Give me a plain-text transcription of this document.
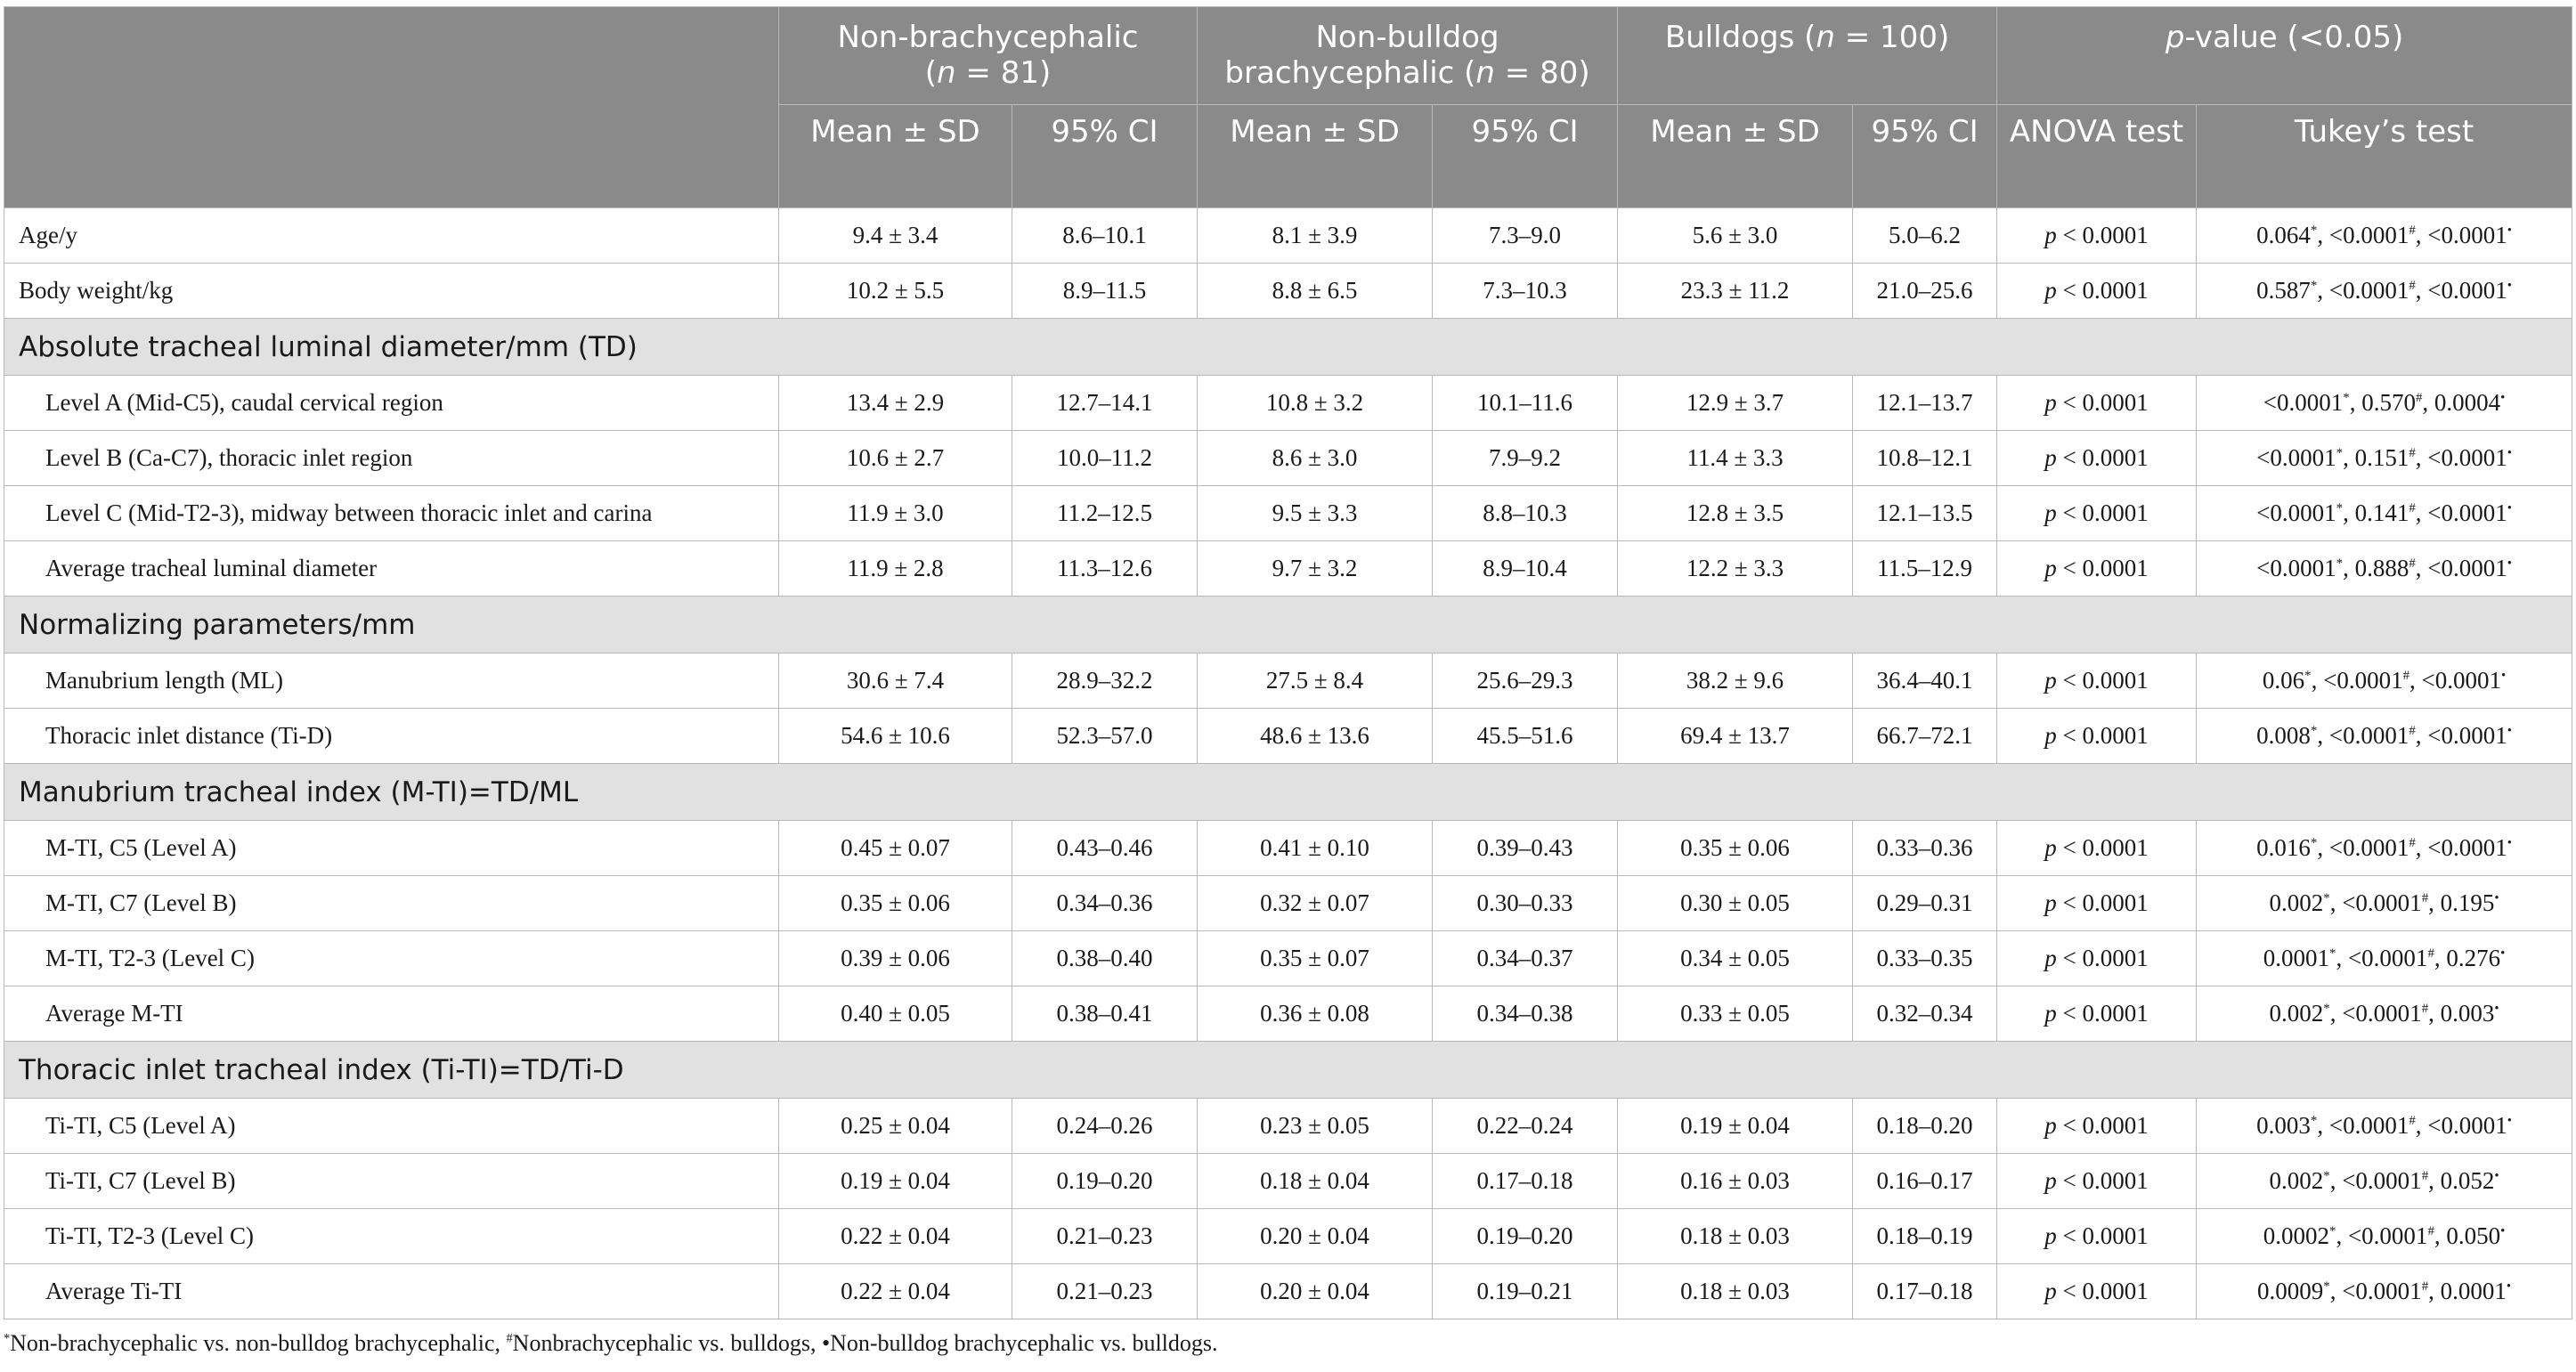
	Non-brachycephalic
(n = 81)		Non-bulldog
brachycephalic (n = 80)		Bulldogs (n = 100)		p-value (<0.05)	
	Mean ± SD	95% CI	Mean ± SD	95% CI	Mean ± SD	95% CI	ANOVA test	Tukey’s test
Age/y	9.4 ± 3.4	8.6–10.1	8.1 ± 3.9	7.3–9.0	5.6 ± 3.0	5.0–6.2	p < 0.0001	0.064*, <0.0001#, <0.0001•
Body weight/kg	10.2 ± 5.5	8.9–11.5	8.8 ± 6.5	7.3–10.3	23.3 ± 11.2	21.0–25.6	p < 0.0001	0.587*, <0.0001#, <0.0001•
Absolute tracheal luminal diameter/mm (TD)								
Level A (Mid-C5), caudal cervical region	13.4 ± 2.9	12.7–14.1	10.8 ± 3.2	10.1–11.6	12.9 ± 3.7	12.1–13.7	p < 0.0001	<0.0001*, 0.570#, 0.0004•
Level B (Ca-C7), thoracic inlet region	10.6 ± 2.7	10.0–11.2	8.6 ± 3.0	7.9–9.2	11.4 ± 3.3	10.8–12.1	p < 0.0001	<0.0001*, 0.151#, <0.0001•
Level C (Mid-T2-3), midway between thoracic inlet and carina	11.9 ± 3.0	11.2–12.5	9.5 ± 3.3	8.8–10.3	12.8 ± 3.5	12.1–13.5	p < 0.0001	<0.0001*, 0.141#, <0.0001•
Average tracheal luminal diameter	11.9 ± 2.8	11.3–12.6	9.7 ± 3.2	8.9–10.4	12.2 ± 3.3	11.5–12.9	p < 0.0001	<0.0001*, 0.888#, <0.0001•
Normalizing parameters/mm								
Manubrium length (ML)	30.6 ± 7.4	28.9–32.2	27.5 ± 8.4	25.6–29.3	38.2 ± 9.6	36.4–40.1	p < 0.0001	0.06*, <0.0001#, <0.0001•
Thoracic inlet distance (Ti-D)	54.6 ± 10.6	52.3–57.0	48.6 ± 13.6	45.5–51.6	69.4 ± 13.7	66.7–72.1	p < 0.0001	0.008*, <0.0001#, <0.0001•
Manubrium tracheal index (M-TI)=TD/ML								
M-TI, C5 (Level A)	0.45 ± 0.07	0.43–0.46	0.41 ± 0.10	0.39–0.43	0.35 ± 0.06	0.33–0.36	p < 0.0001	0.016*, <0.0001#, <0.0001•
M-TI, C7 (Level B)	0.35 ± 0.06	0.34–0.36	0.32 ± 0.07	0.30–0.33	0.30 ± 0.05	0.29–0.31	p < 0.0001	0.002*, <0.0001#, 0.195•
M-TI, T2-3 (Level C)	0.39 ± 0.06	0.38–0.40	0.35 ± 0.07	0.34–0.37	0.34 ± 0.05	0.33–0.35	p < 0.0001	0.0001*, <0.0001#, 0.276•
Average M-TI	0.40 ± 0.05	0.38–0.41	0.36 ± 0.08	0.34–0.38	0.33 ± 0.05	0.32–0.34	p < 0.0001	0.002*, <0.0001#, 0.003•
Thoracic inlet tracheal index (Ti-TI)=TD/Ti-D								
Ti-TI, C5 (Level A)	0.25 ± 0.04	0.24–0.26	0.23 ± 0.05	0.22–0.24	0.19 ± 0.04	0.18–0.20	p < 0.0001	0.003*, <0.0001#, <0.0001•
Ti-TI, C7 (Level B)	0.19 ± 0.04	0.19–0.20	0.18 ± 0.04	0.17–0.18	0.16 ± 0.03	0.16–0.17	p < 0.0001	0.002*, <0.0001#, 0.052•
Ti-TI, T2-3 (Level C)	0.22 ± 0.04	0.21–0.23	0.20 ± 0.04	0.19–0.20	0.18 ± 0.03	0.18–0.19	p < 0.0001	0.0002*, <0.0001#, 0.050•
Average Ti-TI	0.22 ± 0.04	0.21–0.23	0.20 ± 0.04	0.19–0.21	0.18 ± 0.03	0.17–0.18	p < 0.0001	0.0009*, <0.0001#, 0.0001•
*Non-brachycephalic vs. non-bulldog brachycephalic, #Nonbrachycephalic vs. bulldogs, •Non-bulldog brachycephalic vs. bulldogs.
